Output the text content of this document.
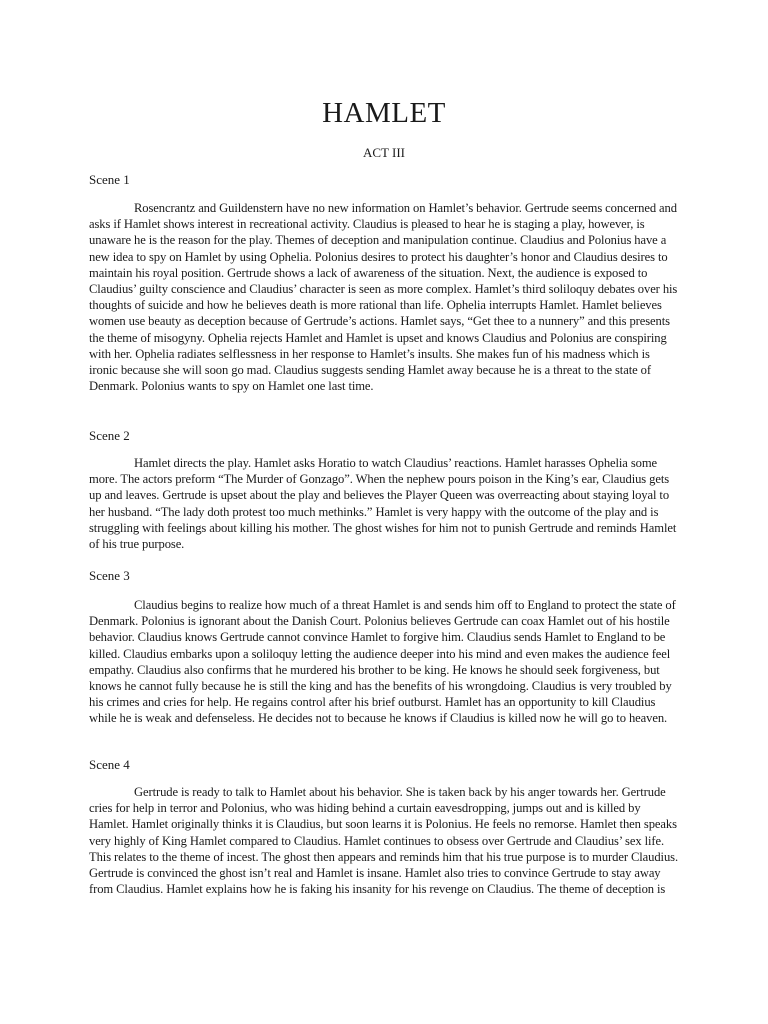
HAMLET
ACT III
Scene 1

Rosencrantz and Guildenstern have no new information on Hamlet’s behavior. Gertrude seems concerned and asks if Hamlet shows interest in recreational activity. Claudius is pleased to hear he is staging a play, however, is unaware he is the reason for the play. Themes of deception and manipulation continue. Claudius and Polonius have a new idea to spy on Hamlet by using Ophelia. Polonius desires to protect his daughter’s honor and Claudius desires to maintain his royal position. Gertrude shows a lack of awareness of the situation. Next, the audience is exposed to Claudius’ guilty conscience and Claudius’ character is seen as more complex. Hamlet’s third soliloquy debates over his thoughts of suicide and how he believes death is more rational than life. Ophelia interrupts Hamlet. Hamlet believes women use beauty as deception because of Gertrude’s actions. Hamlet says, “Get thee to a nunnery” and this presents the theme of misogyny. Ophelia rejects Hamlet and Hamlet is upset and knows Claudius and Polonius are conspiring with her. Ophelia radiates selflessness in her response to Hamlet’s insults. She makes fun of his madness which is ironic because she will soon go mad. Claudius suggests sending Hamlet away because he is a threat to the state of Denmark. Polonius wants to spy on Hamlet one last time.

Scene 2

Hamlet directs the play. Hamlet asks Horatio to watch Claudius’ reactions. Hamlet harasses Ophelia some more. The actors preform “The Murder of Gonzago”. When the nephew pours poison in the King’s ear, Claudius gets up and leaves. Gertrude is upset about the play and believes the Player Queen was overreacting about staying loyal to her husband. “The lady doth protest too much methinks.” Hamlet is very happy with the outcome of the play and is struggling with feelings about killing his mother. The ghost wishes for him not to punish Gertrude and reminds Hamlet of his true purpose.

Scene 3

Claudius begins to realize how much of a threat Hamlet is and sends him off to England to protect the state of Denmark. Polonius is ignorant about the Danish Court. Polonius believes Gertrude can coax Hamlet out of his hostile behavior. Claudius knows Gertrude cannot convince Hamlet to forgive him. Claudius sends Hamlet to England to be killed. Claudius embarks upon a soliloquy letting the audience deeper into his mind and even makes the audience feel empathy. Claudius also confirms that he murdered his brother to be king. He knows he should seek forgiveness, but knows he cannot fully because he is still the king and has the benefits of his wrongdoing. Claudius is very troubled by his crimes and cries for help. He regains control after his brief outburst. Hamlet has an opportunity to kill Claudius while he is weak and defenseless. He decides not to because he knows if Claudius is killed now he will go to heaven.

Scene 4

Gertrude is ready to talk to Hamlet about his behavior. She is taken back by his anger towards her. Gertrude cries for help in terror and Polonius, who was hiding behind a curtain eavesdropping, jumps out and is killed by Hamlet. Hamlet originally thinks it is Claudius, but soon learns it is Polonius. He feels no remorse. Hamlet then speaks very highly of King Hamlet compared to Claudius. Hamlet continues to obsess over Gertrude and Claudius’ sex life. This relates to the theme of incest. The ghost then appears and reminds him that his true purpose is to murder Claudius. Gertrude is convinced the ghost isn’t real and Hamlet is insane. Hamlet also tries to convince Gertrude to stay away from Claudius. Hamlet explains how he is faking his insanity for his revenge on Claudius. The theme of deception is
